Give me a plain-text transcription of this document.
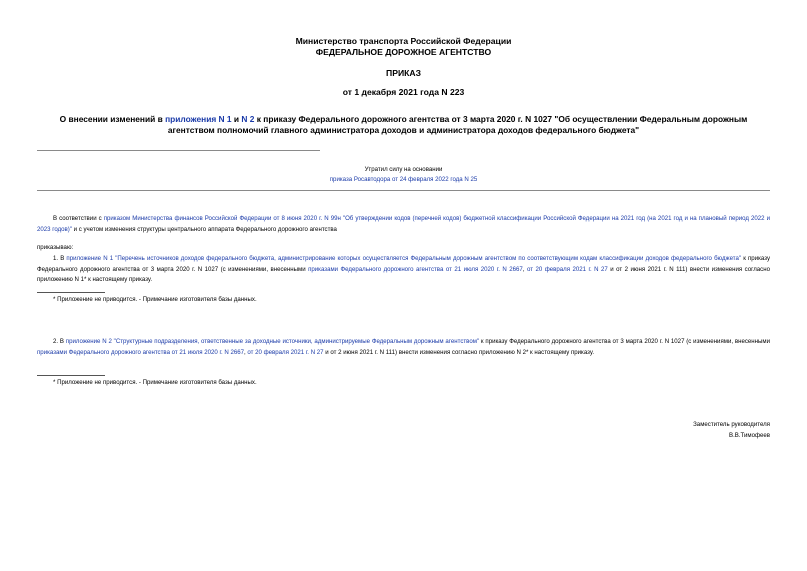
Министерство транспорта Российской Федерации
ФЕДЕРАЛЬНОЕ ДОРОЖНОЕ АГЕНТСТВО
ПРИКАЗ
от 1 декабря 2021 года N 223
О внесении изменений в приложения N 1 и N 2 к приказу Федерального дорожного агентства от 3 марта 2020 г. N 1027 "Об осуществлении Федеральным дорожным агентством полномочий главного администратора доходов и администратора доходов федерального бюджета"
Утратил силу на основании
приказа Росавтодора от 24 февраля 2022 года N 25
В соответствии с приказом Министерства финансов Российской Федерации от 8 июня 2020 г. N 99н "Об утверждении кодов (перечней кодов) бюджетной классификации Российской Федерации на 2021 год (на 2021 год и на плановый период 2022 и 2023 годов)" и с учетом изменения структуры центрального аппарата Федерального дорожного агентства
приказываю:
1. В приложение N 1 "Перечень источников доходов федерального бюджета, администрирование которых осуществляется Федеральным дорожным агентством по соответствующим кодам классификации доходов федерального бюджета" к приказу Федерального дорожного агентства от 3 марта 2020 г. N 1027 (с изменениями, внесенными приказами Федерального дорожного агентства от 21 июля 2020 г. N 2667, от 20 февраля 2021 г. N 27 и от 2 июня 2021 г. N 111) внести изменения согласно приложению N 1* к настоящему приказу.
* Приложение не приводится. - Примечание изготовителя базы данных.
2. В приложение N 2 "Структурные подразделения, ответственные за доходные источники, администрируемые Федеральным дорожным агентством" к приказу Федерального дорожного агентства от 3 марта 2020 г. N 1027 (с изменениями, внесенными приказами Федерального дорожного агентства от 21 июля 2020 г. N 2667, от 20 февраля 2021 г. N 27 и от 2 июня 2021 г. N 111) внести изменения согласно приложению N 2* к настоящему приказу.
* Приложение не приводится. - Примечание изготовителя базы данных.
Заместитель руководителя
В.В.Тимофеев
